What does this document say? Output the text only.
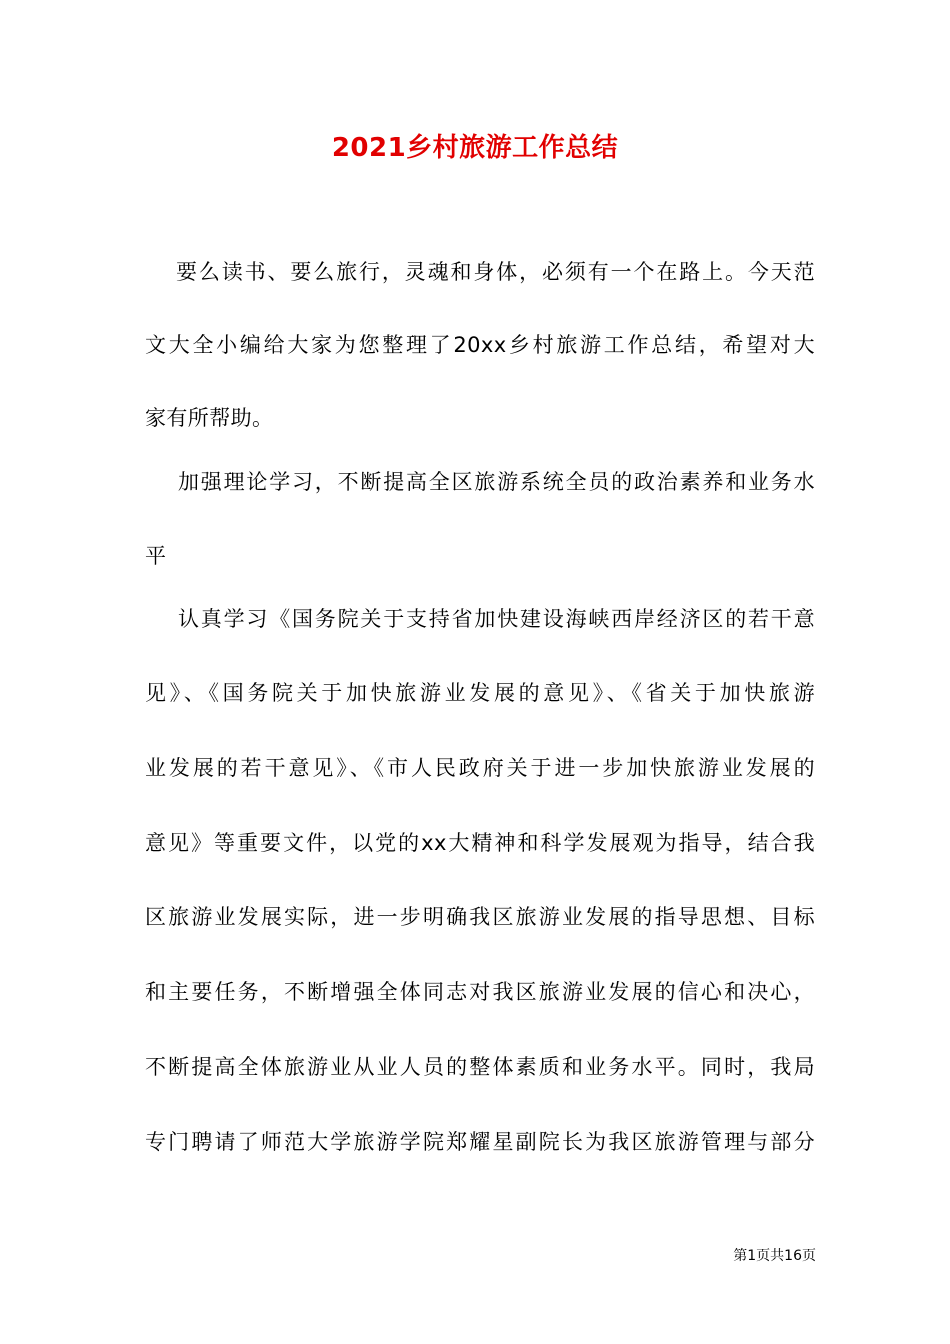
2021乡村旅游工作总结
要么读书、要么旅行，灵魂和身体，必须有一个在路上。今天范
文大全小编给大家为您整理了20xx乡村旅游工作总结，希望对大
家有所帮助。
加强理论学习，不断提高全区旅游系统全员的政治素养和业务水
平
认真学习《国务院关于支持省加快建设海峡西岸经济区的若干意
见》、《国务院关于加快旅游业发展的意见》、《省关于加快旅游
业发展的若干意见》、《市人民政府关于进一步加快旅游业发展的
意见》等重要文件，以党的xx大精神和科学发展观为指导，结合我
区旅游业发展实际，进一步明确我区旅游业发展的指导思想、目标
和主要任务，不断增强全体同志对我区旅游业发展的信心和决心，
不断提高全体旅游业从业人员的整体素质和业务水平。同时，我局
专门聘请了师范大学旅游学院郑耀星副院长为我区旅游管理与部分
第1页共16页
